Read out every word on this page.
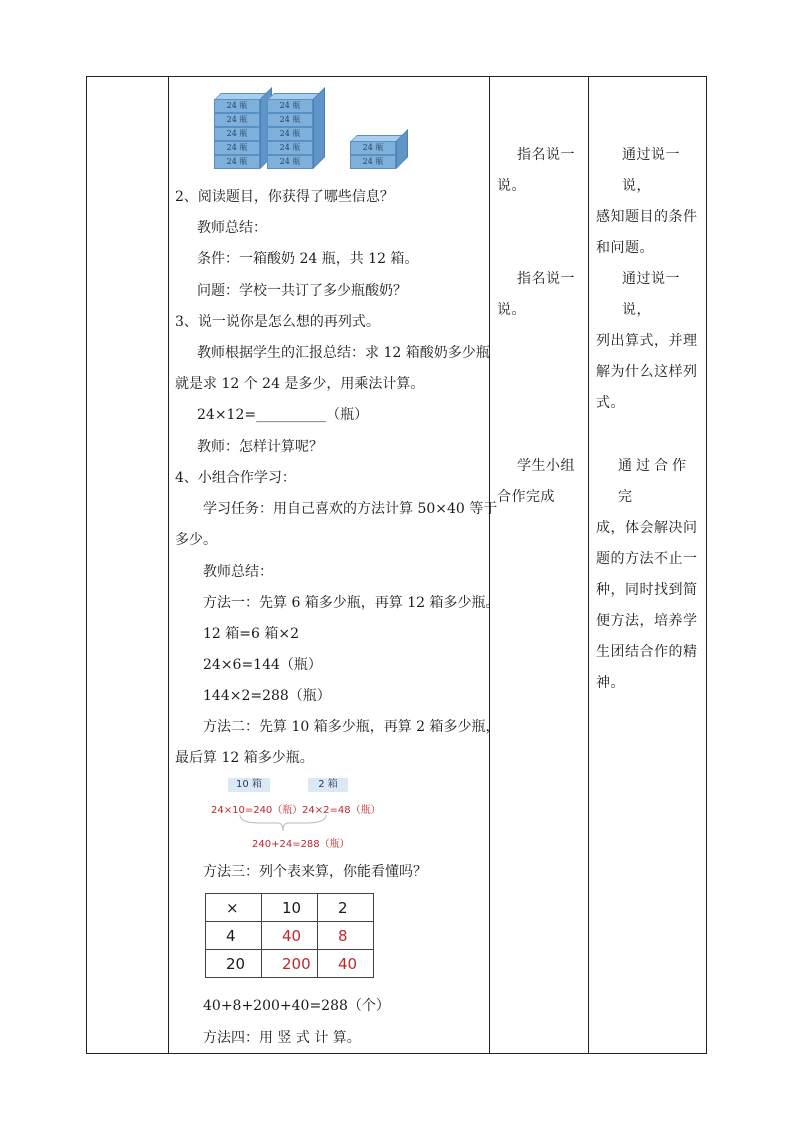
24 瓶
24 瓶
24 瓶
24 瓶
24 瓶
24 瓶
24 瓶
24 瓶
24 瓶
24 瓶
24 瓶
24 瓶
2、阅读题目，你获得了哪些信息？
教师总结：
条件：一箱酸奶 24 瓶，共 12 箱。
问题：学校一共订了多少瓶酸奶？
3、说一说你是怎么想的再列式。
教师根据学生的汇报总结：求 12 箱酸奶多少瓶
就是求 12 个 24 是多少，用乘法计算。
24×12=__________（瓶）
教师：怎样计算呢？
4、小组合作学习：
学习任务：用自己喜欢的方法计算 50×40 等于
多少。
教师总结：
方法一：先算 6 箱多少瓶，再算 12 箱多少瓶。
12 箱=6 箱×2
24×6=144（瓶）
144×2=288（瓶）
方法二：先算 10 箱多少瓶，再算 2 箱多少瓶，
最后算 12 箱多少瓶。
10 箱	2 箱
24×10=240（瓶） 24×2=48（瓶）
240+24=288（瓶）
方法三：列个表来算，你能看懂吗？
×	10	2
4	40	8
20	200	40
40+8+200+40=288（个）
方法四：用 竖 式 计 算。
指名说一
说。
指名说一
说。
学生小组
合作完成
通过说一说，
感知题目的条件
和问题。
通过说一说，
列出算式，并理
解为什么这样列
式。
通过合作完
成，体会解决问
题的方法不止一
种，同时找到简
便方法，培养学
生团结合作的精
神。
